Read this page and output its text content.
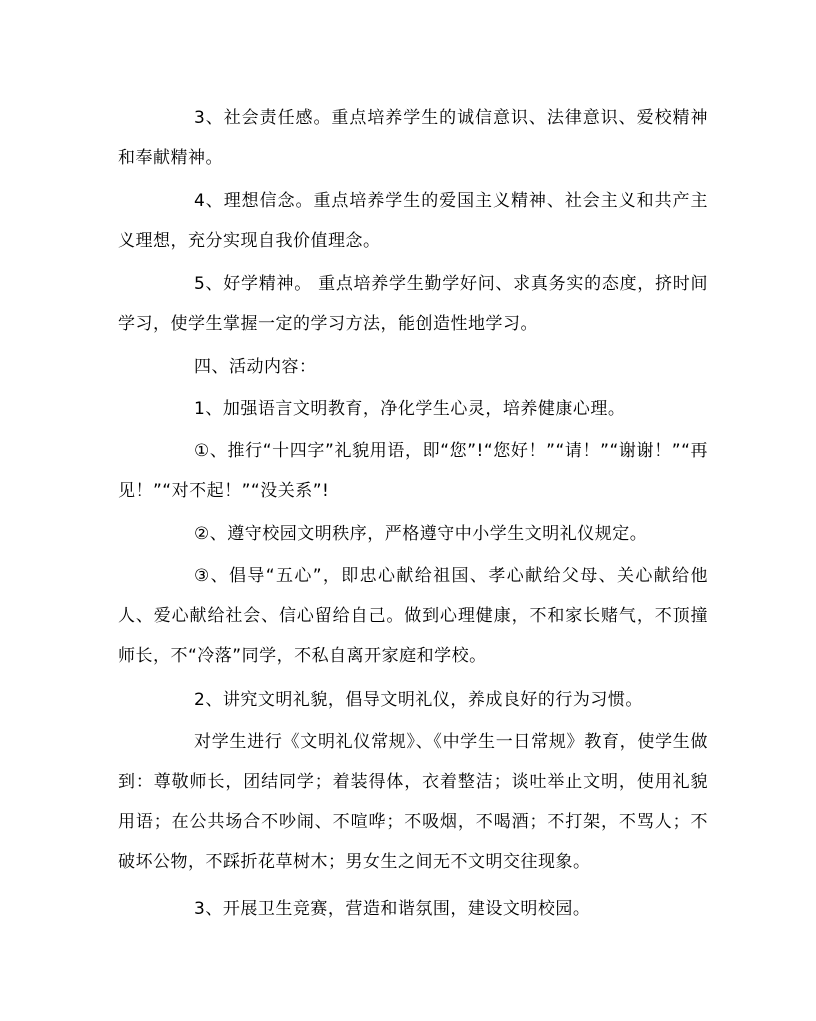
3、社会责任感。重点培养学生的诚信意识、法律意识、爱校精神和奉献精神。

4、理想信念。重点培养学生的爱国主义精神、社会主义和共产主义理想，充分实现自我价值理念。

5、好学精神。 重点培养学生勤学好问、求真务实的态度，挤时间学习，使学生掌握一定的学习方法，能创造性地学习。

四、活动内容：

1、加强语言文明教育，净化学生心灵，培养健康心理。

①、推行“十四字”礼貌用语，即“您”!“您好！”“请！”“谢谢！”“再见！”“对不起！”“没关系”!

②、遵守校园文明秩序，严格遵守中小学生文明礼仪规定。

③、倡导“五心”，即忠心献给祖国、孝心献给父母、关心献给他人、爱心献给社会、信心留给自己。做到心理健康，不和家长赌气，不顶撞师长，不“冷落”同学，不私自离开家庭和学校。

2、讲究文明礼貌，倡导文明礼仪，养成良好的行为习惯。

对学生进行《文明礼仪常规》、《中学生一日常规》教育，使学生做到：尊敬师长，团结同学；着装得体，衣着整洁；谈吐举止文明，使用礼貌用语；在公共场合不吵闹、不喧哗；不吸烟，不喝酒；不打架，不骂人；不破坏公物，不踩折花草树木；男女生之间无不文明交往现象。

3、开展卫生竞赛，营造和谐氛围，建设文明校园。
